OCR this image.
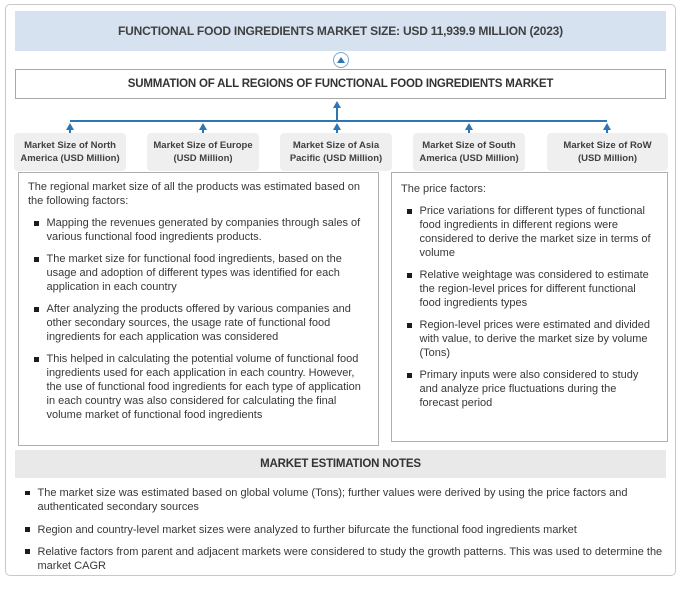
FUNCTIONAL FOOD INGREDIENTS MARKET SIZE: USD 11,939.9 MILLION (2023)
SUMMATION OF ALL REGIONS OF FUNCTIONAL FOOD INGREDIENTS MARKET
Market Size of North America (USD Million)
Market Size of Europe (USD Million)
Market Size of Asia Pacific (USD Million)
Market Size of South America (USD Million)
Market Size of RoW (USD Million)
The regional market size of all the products was estimated based on the following factors:
Mapping the revenues generated by companies through sales of various functional food ingredients products.
The market size for functional food ingredients, based on the usage and adoption of different types was identified for each application in each country
After analyzing the products offered by various companies and other secondary sources, the usage rate of functional food ingredients for each application was considered
This helped in calculating the potential volume of functional food ingredients used for each application in each country. However, the use of functional food ingredients for each type of application in each country was also considered for calculating the final volume market of functional food ingredients
The price factors:
Price variations for different types of functional food ingredients in different regions were considered to derive the market size in terms of volume
Relative weightage was considered to estimate the region-level prices for different functional food ingredients types
Region-level prices were estimated and divided with value, to derive the market size by volume (Tons)
Primary inputs were also considered to study and analyze price fluctuations during the forecast period
MARKET ESTIMATION NOTES
The market size was estimated based on global volume (Tons); further values were derived by using the price factors and authenticated secondary sources
Region and country-level market sizes were analyzed to further bifurcate the functional food ingredients market
Relative factors from parent and adjacent markets were considered to study the growth patterns. This was used to determine the market CAGR
